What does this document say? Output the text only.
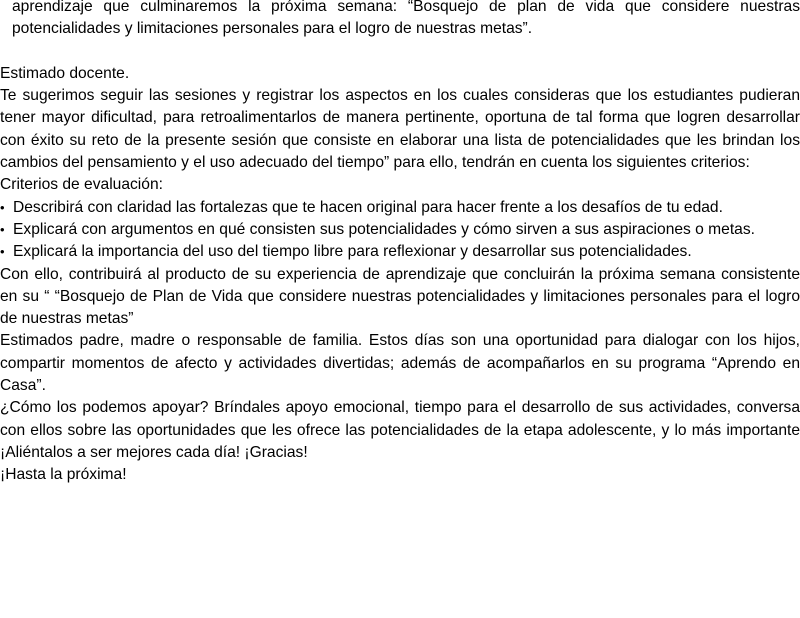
aprendizaje que culminaremos la próxima semana: “Bosquejo de plan de vida que considere nuestras potencialidades y limitaciones personales para el logro de nuestras metas”.

Estimado docente.

Te sugerimos seguir las sesiones y registrar los aspectos en los cuales consideras que los estudiantes pudieran tener mayor dificultad, para retroalimentarlos de manera pertinente, oportuna de tal forma que logren desarrollar con éxito su reto de la presente sesión que consiste en elaborar una lista de potencialidades que les brindan los cambios del pensamiento y el uso adecuado del tiempo” para ello, tendrán en cuenta los siguientes criterios:

Criterios de evaluación:

• Describirá con claridad las fortalezas que te hacen original para hacer frente a los desafíos de tu edad.
• Explicará con argumentos en qué consisten sus potencialidades y cómo sirven a sus aspiraciones o metas.
• Explicará la importancia del uso del tiempo libre para reflexionar y desarrollar sus potencialidades.

Con ello, contribuirá al producto de su experiencia de aprendizaje que concluirán la próxima semana consistente en su “ “Bosquejo de Plan de Vida que considere nuestras potencialidades y limitaciones personales para el logro de nuestras metas”

Estimados padre, madre o responsable de familia. Estos días son una oportunidad para dialogar con los hijos, compartir momentos de afecto y actividades divertidas; además de acompañarlos en su programa “Aprendo en Casa”.

¿Cómo los podemos apoyar? Bríndales apoyo emocional, tiempo para el desarrollo de sus actividades, conversa con ellos sobre las oportunidades que les ofrece las potencialidades de la etapa adolescente, y lo más importante ¡Aliéntalos a ser mejores cada día! ¡Gracias!

¡Hasta la próxima!
